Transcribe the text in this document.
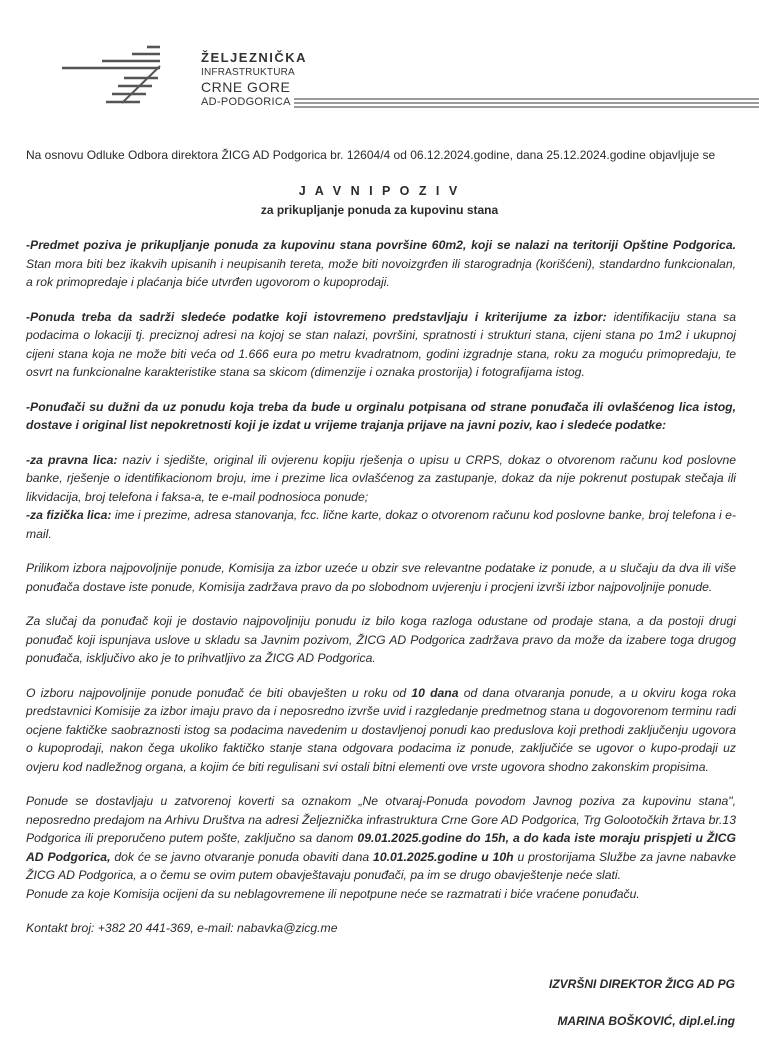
ŽELJEZNIČKA
INFRASTRUKTURA
CRNE GORE
AD-PODGORICA
Na osnovu Odluke Odbora direktora ŽICG AD Podgorica br. 12604/4 od 06.12.2024.godine, dana 25.12.2024.godine objavljuje se
J A V N I P O Z I V
za prikupljanje ponuda za kupovinu stana

-Predmet poziva je prikupljanje ponuda za kupovinu stana površine 60m2, koji se nalazi na teritoriji Opštine Podgorica. Stan mora biti bez ikakvih upisanih i neupisanih tereta, može biti novoizgrđen ili starogradnja (korišćeni), standardno funkcionalan, a rok primopredaje i plaćanja biće utvrđen ugovorom o kupoprodaji.

-Ponuda treba da sadrži sledeće podatke koji istovremeno predstavljaju i kriterijume za izbor: identifikaciju stana sa podacima o lokaciji tj. preciznoj adresi na kojoj se stan nalazi, površini, spratnosti i strukturi stana, cijeni stana po 1m2 i ukupnoj cijeni stana koja ne može biti veća od 1.666 eura po metru kvadratnom, godini izgradnje stana, roku za moguću primopredaju, te osvrt na funkcionalne karakteristike stana sa skicom (dimenzije i oznaka prostorija) i fotografijama istog.

-Ponuđači su dužni da uz ponudu koja treba da bude u orginalu potpisana od strane ponuđača ili ovlašćenog lica istog, dostave i original list nepokretnosti koji je izdat u vrijeme trajanja prijave na javni poziv, kao i sledeće podatke:

-za pravna lica: naziv i sjedište, original ili ovjerenu kopiju rješenja o upisu u CRPS, dokaz o otvorenom računu kod poslovne banke, rješenje o identifikacionom broju, ime i prezime lica ovlašćenog za zastupanje, dokaz da nije pokrenut postupak stečaja ili likvidacija, broj telefona i faksa-a, te e-mail podnosioca ponude;
-za fizička lica: ime i prezime, adresa stanovanja, fcc. lične karte, dokaz o otvorenom računu kod poslovne banke, broj telefona i e-mail.

Prilikom izbora najpovoljnije ponude, Komisija za izbor uzeće u obzir sve relevantne podatake iz ponude, a u slučaju da dva ili više ponuđača dostave iste ponude, Komisija zadržava pravo da po slobodnom uvjerenju i procjeni izvrši izbor najpovoljnije ponude.

Za slučaj da ponuđač koji je dostavio najpovoljniju ponudu iz bilo koga razloga odustane od prodaje stana, a da postoji drugi ponuđač koji ispunjava uslove u skladu sa Javnim pozivom, ŽICG AD Podgorica zadržava pravo da može da izabere toga drugog ponuđača, isključivo ako je to prihvatljivo za ŽICG AD Podgorica.

O izboru najpovoljnije ponude ponuđač će biti obavješten u roku od 10 dana od dana otvaranja ponude, a u okviru koga roka predstavnici Komisije za izbor imaju pravo da i neposredno izvrše uvid i razgledanje predmetnog stana u dogovorenom terminu radi ocjene faktičke saobraznosti istog sa podacima navedenim u dostavljenoj ponudi kao preduslova koji prethodi zaključenju ugovora o kupoprodaji, nakon čega ukoliko faktičko stanje stana odgovara podacima iz ponude, zaključiće se ugovor o kupo-prodaji uz ovjeru kod nadležnog organa, a kojim će biti regulisani svi ostali bitni elementi ove vrste ugovora shodno zakonskim propisima.

Ponude se dostavljaju u zatvorenoj koverti sa oznakom „Ne otvaraj-Ponuda povodom Javnog poziva za kupovinu stana", neposredno predajom na Arhivu Društva na adresi Željeznička infrastruktura Crne Gore AD Podgorica, Trg Golootočkih žrtava br.13 Podgorica ili preporučeno putem pošte, zaključno sa danom 09.01.2025.godine do 15h, a do kada iste moraju prispjeti u ŽICG AD Podgorica, dok će se javno otvaranje ponuda obaviti dana 10.01.2025.godine u 10h u prostorijama Službe za javne nabavke ŽICG AD Podgorica, a o čemu se ovim putem obavještavaju ponuđači, pa im se drugo obavještenje neće slati.
Ponude za koje Komisija ocijeni da su neblagovremene ili nepotpune neće se razmatrati i biće vraćene ponuđaču.

Kontakt broj: +382 20 441-369, e-mail: nabavka@zicg.me

IZVRŠNI DIREKTOR ŽICG AD PG
MARINA BOŠKOVIĆ, dipl.el.ing
